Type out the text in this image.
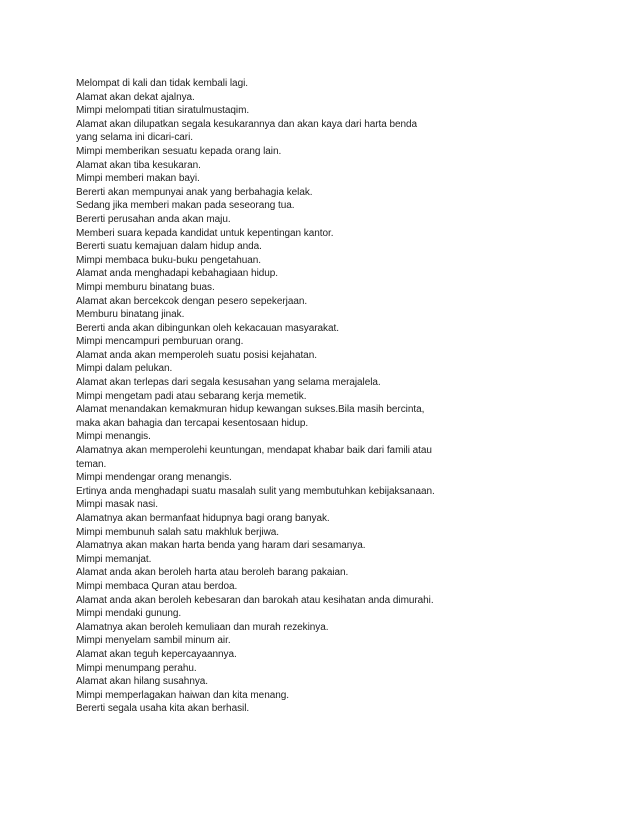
Melompat di kali dan tidak kembali lagi.
Alamat akan dekat ajalnya.
Mimpi melompati titian siratulmustaqim.
Alamat akan dilupatkan segala kesukarannya dan akan kaya dari harta benda
yang selama ini dicari-cari.
Mimpi memberikan sesuatu kepada orang lain.
Alamat akan tiba kesukaran.
Mimpi memberi makan bayi.
Bererti akan mempunyai anak yang berbahagia kelak.
Sedang jika memberi makan pada seseorang tua.
Bererti perusahan anda akan maju.
Memberi suara kepada kandidat untuk kepentingan kantor.
Bererti suatu kemajuan dalam hidup anda.
Mimpi membaca buku-buku pengetahuan.
Alamat anda menghadapi kebahagiaan hidup.
Mimpi memburu binatang buas.
Alamat akan bercekcok dengan pesero sepekerjaan.
Memburu binatang jinak.
Bererti anda akan dibingunkan oleh kekacauan masyarakat.
Mimpi mencampuri pemburuan orang.
Alamat anda akan memperoleh suatu posisi kejahatan.
Mimpi dalam pelukan.
Alamat akan terlepas dari segala kesusahan yang selama merajalela.
Mimpi mengetam padi atau sebarang kerja memetik.
Alamat menandakan kemakmuran hidup kewangan sukses.Bila masih bercinta,
maka akan bahagia dan tercapai kesentosaan hidup.
Mimpi menangis.
Alamatnya akan memperolehi keuntungan, mendapat khabar baik dari famili atau
teman.
Mimpi mendengar orang menangis.
Ertinya anda menghadapi suatu masalah sulit yang membutuhkan kebijaksanaan.
Mimpi masak nasi.
Alamatnya akan bermanfaat hidupnya bagi orang banyak.
Mimpi membunuh salah satu makhluk berjiwa.
Alamatnya akan makan harta benda yang haram dari sesamanya.
Mimpi memanjat.
Alamat anda akan beroleh harta atau beroleh barang pakaian.
Mimpi membaca Quran atau berdoa.
Alamat anda akan beroleh kebesaran dan barokah atau kesihatan anda dimurahi.
Mimpi mendaki gunung.
Alamatnya akan beroleh kemuliaan dan murah rezekinya.
Mimpi menyelam sambil minum air.
Alamat akan teguh kepercayaannya.
Mimpi menumpang perahu.
Alamat akan hilang susahnya.
Mimpi memperlagakan haiwan dan kita menang.
Bererti segala usaha kita akan berhasil.
